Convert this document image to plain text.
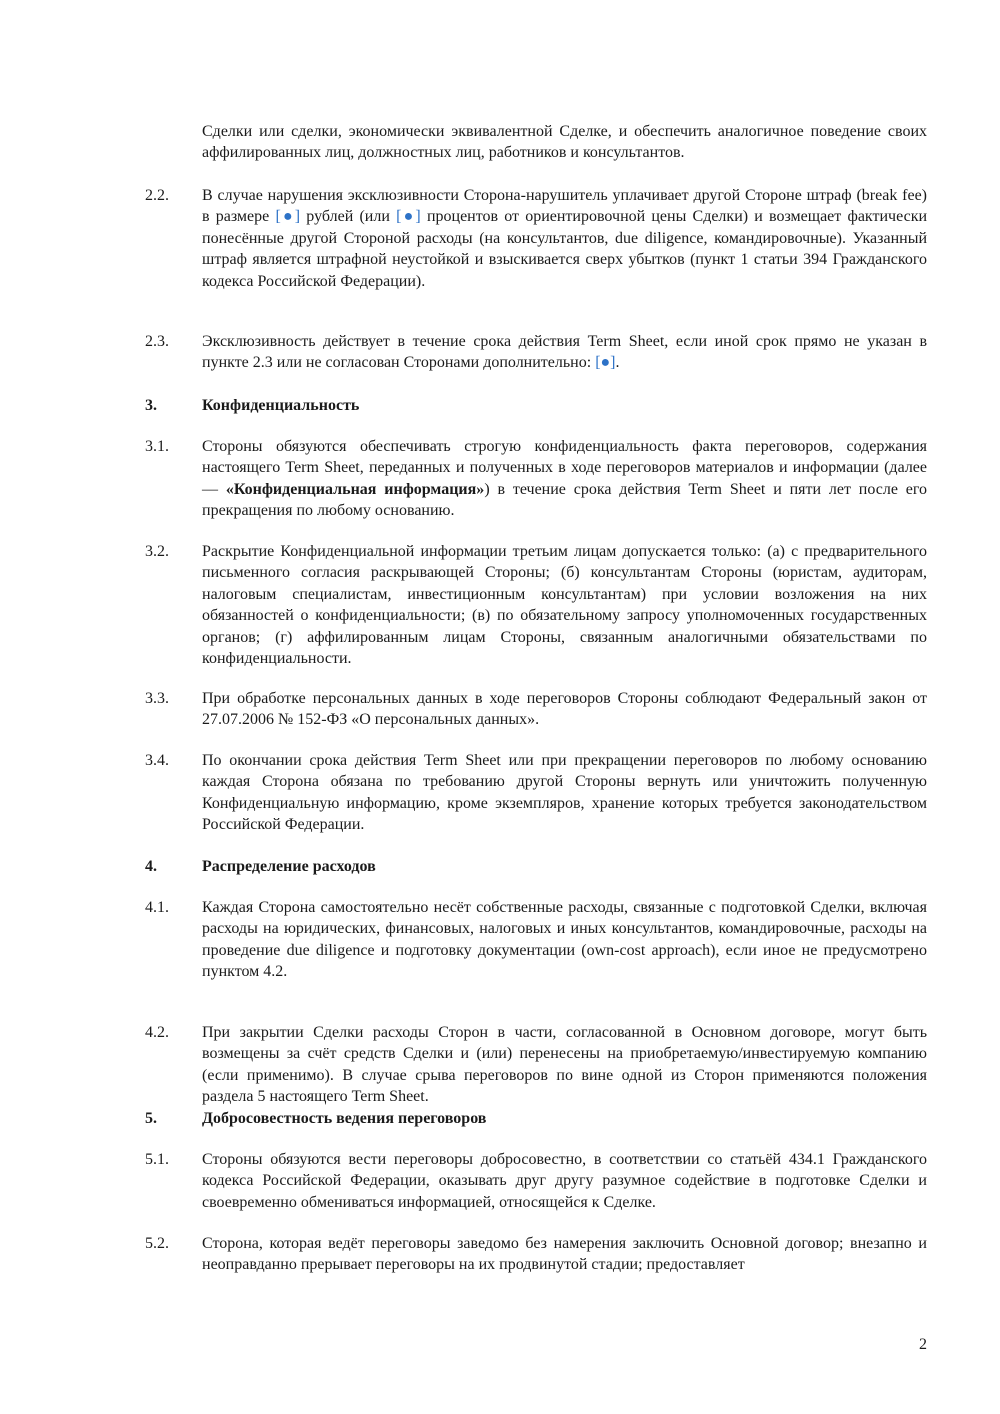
Сделки или сделки, экономически эквивалентной Сделке, и обеспечить аналогичное поведение своих аффилированных лиц, должностных лиц, работников и консультантов.
2.2.	В случае нарушения эксклюзивности Сторона-нарушитель уплачивает другой Стороне штраф (break fee) в размере [●] рублей (или [●] процентов от ориентировочной цены Сделки) и возмещает фактически понесённые другой Стороной расходы (на консультантов, due diligence, командировочные). Указанный штраф является штрафной неустойкой и взыскивается сверх убытков (пункт 1 статьи 394 Гражданского кодекса Российской Федерации).
2.3.	Эксклюзивность действует в течение срока действия Term Sheet, если иной срок прямо не указан в пункте 2.3 или не согласован Сторонами дополнительно: [●].
3.	Конфиденциальность
3.1.	Стороны обязуются обеспечивать строгую конфиденциальность факта переговоров, содержания настоящего Term Sheet, переданных и полученных в ходе переговоров материалов и информации (далее — «Конфиденциальная информация») в течение срока действия Term Sheet и пяти лет после его прекращения по любому основанию.
3.2.	Раскрытие Конфиденциальной информации третьим лицам допускается только: (а) с предварительного письменного согласия раскрывающей Стороны; (б) консультантам Стороны (юристам, аудиторам, налоговым специалистам, инвестиционным консультантам) при условии возложения на них обязанностей о конфиденциальности; (в) по обязательному запросу уполномоченных государственных органов; (г) аффилированным лицам Стороны, связанным аналогичными обязательствами по конфиденциальности.
3.3.	При обработке персональных данных в ходе переговоров Стороны соблюдают Федеральный закон от 27.07.2006 № 152-ФЗ «О персональных данных».
3.4.	По окончании срока действия Term Sheet или при прекращении переговоров по любому основанию каждая Сторона обязана по требованию другой Стороны вернуть или уничтожить полученную Конфиденциальную информацию, кроме экземпляров, хранение которых требуется законодательством Российской Федерации.
4.	Распределение расходов
4.1.	Каждая Сторона самостоятельно несёт собственные расходы, связанные с подготовкой Сделки, включая расходы на юридических, финансовых, налоговых и иных консультантов, командировочные, расходы на проведение due diligence и подготовку документации (own-cost approach), если иное не предусмотрено пунктом 4.2.
4.2.	При закрытии Сделки расходы Сторон в части, согласованной в Основном договоре, могут быть возмещены за счёт средств Сделки и (или) перенесены на приобретаемую/инвестируемую компанию (если применимо). В случае срыва переговоров по вине одной из Сторон применяются положения раздела 5 настоящего Term Sheet.
5.	Добросовестность ведения переговоров
5.1.	Стороны обязуются вести переговоры добросовестно, в соответствии со статьёй 434.1 Гражданского кодекса Российской Федерации, оказывать друг другу разумное содействие в подготовке Сделки и своевременно обмениваться информацией, относящейся к Сделке.
5.2.	Сторона, которая ведёт переговоры заведомо без намерения заключить Основной договор; внезапно и неоправданно прерывает переговоры на их продвинутой стадии; предоставляет
2
